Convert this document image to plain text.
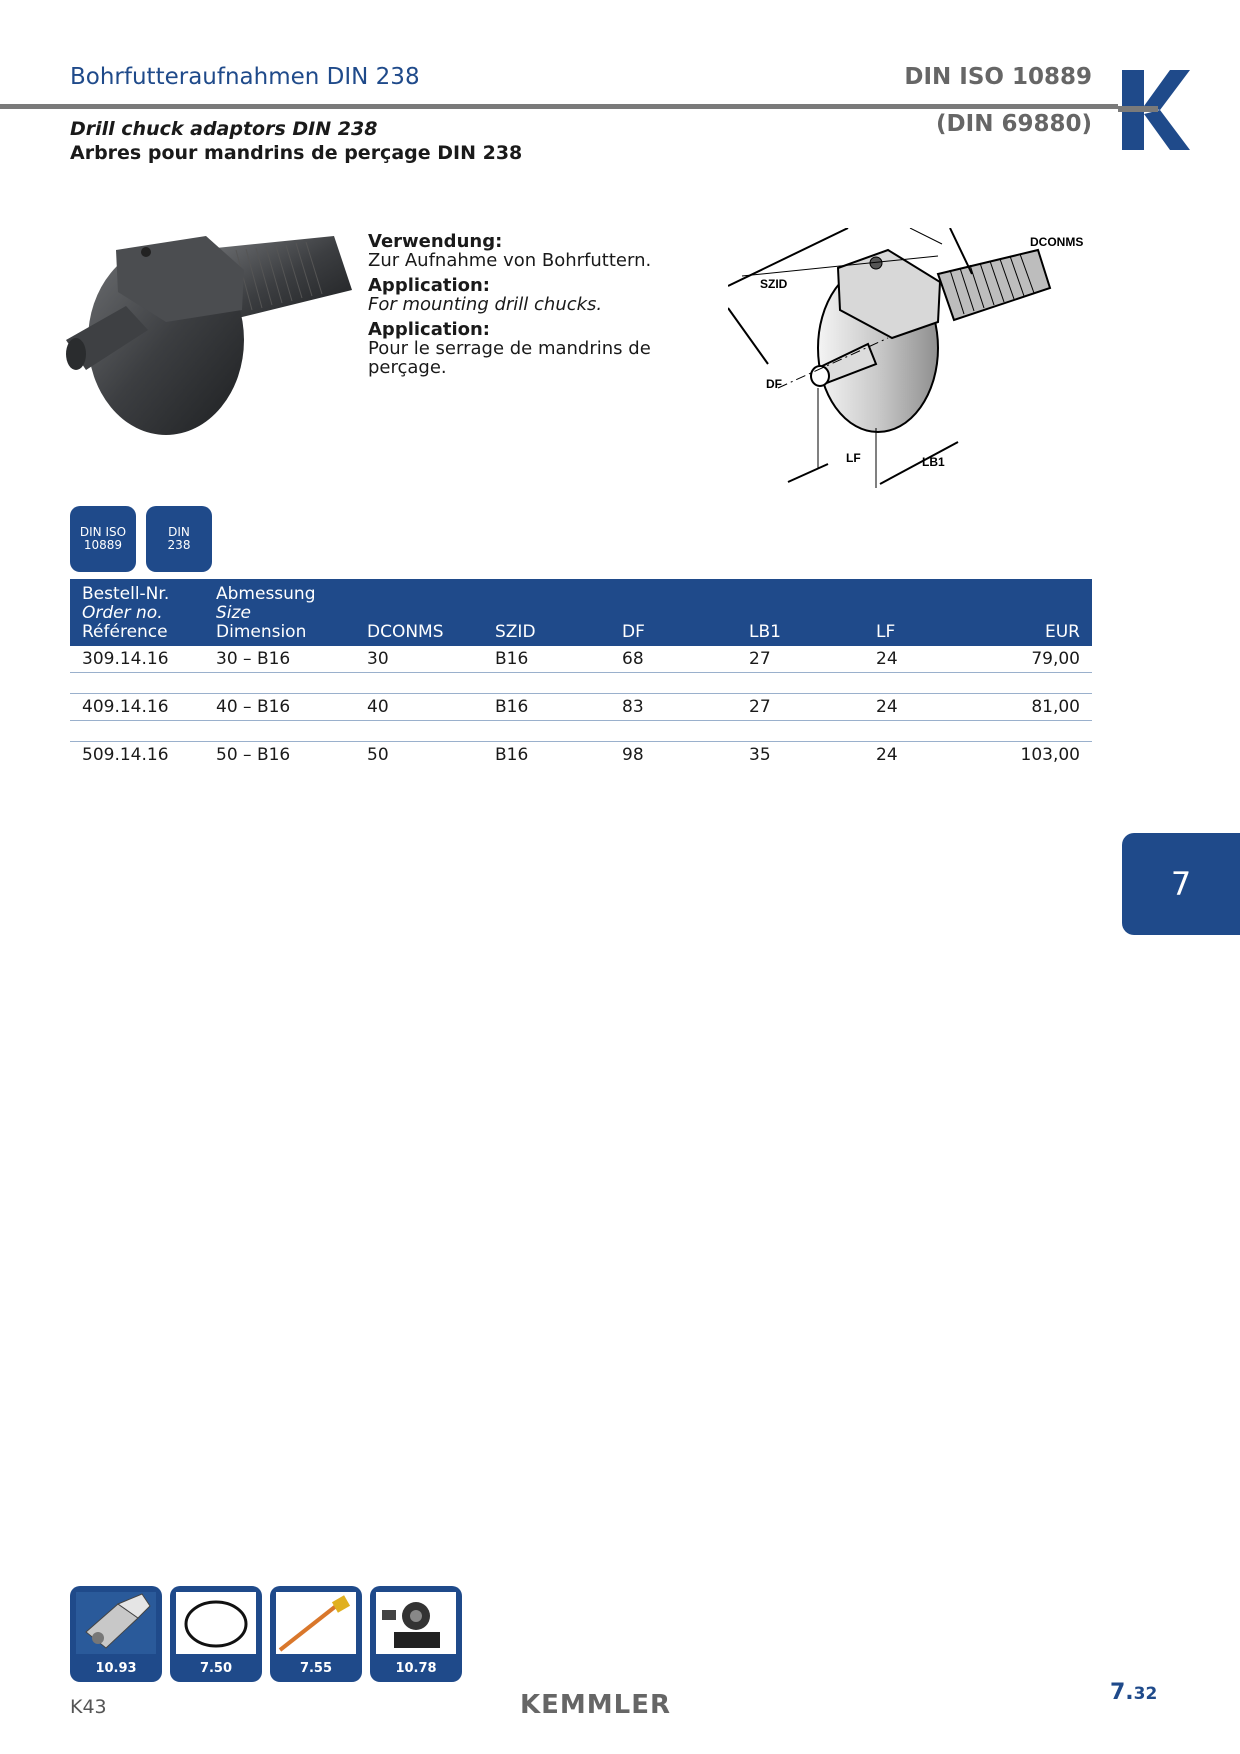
Bohrfutteraufnahmen DIN 238	DIN ISO 10889
Drill chuck adaptors DIN 238
Arbres pour mandrins de perçage DIN 238
(DIN 69880)
Verwendung:
Zur Aufnahme von Bohrfuttern.
Application:
For mounting drill chucks.
Application:
Pour le serrage de mandrins de perçage.
SZID
DCONMS
DF
LF	LB1
DIN ISO
10889
DIN
238
Bestell-Nr.
Order no.
Référence	Abmessung
Size
Dimension	DCONMS	SZID	DF	LB1	LF	EUR
309.14.16	30 – B16	30	B16	68	27	24	79,00

409.14.16	40 – B16	40	B16	83	27	24	81,00

509.14.16	50 – B16	50	B16	98	35	24	103,00
7
10.93	7.50	7.55	10.78
K43	KEMMLER	7.32
